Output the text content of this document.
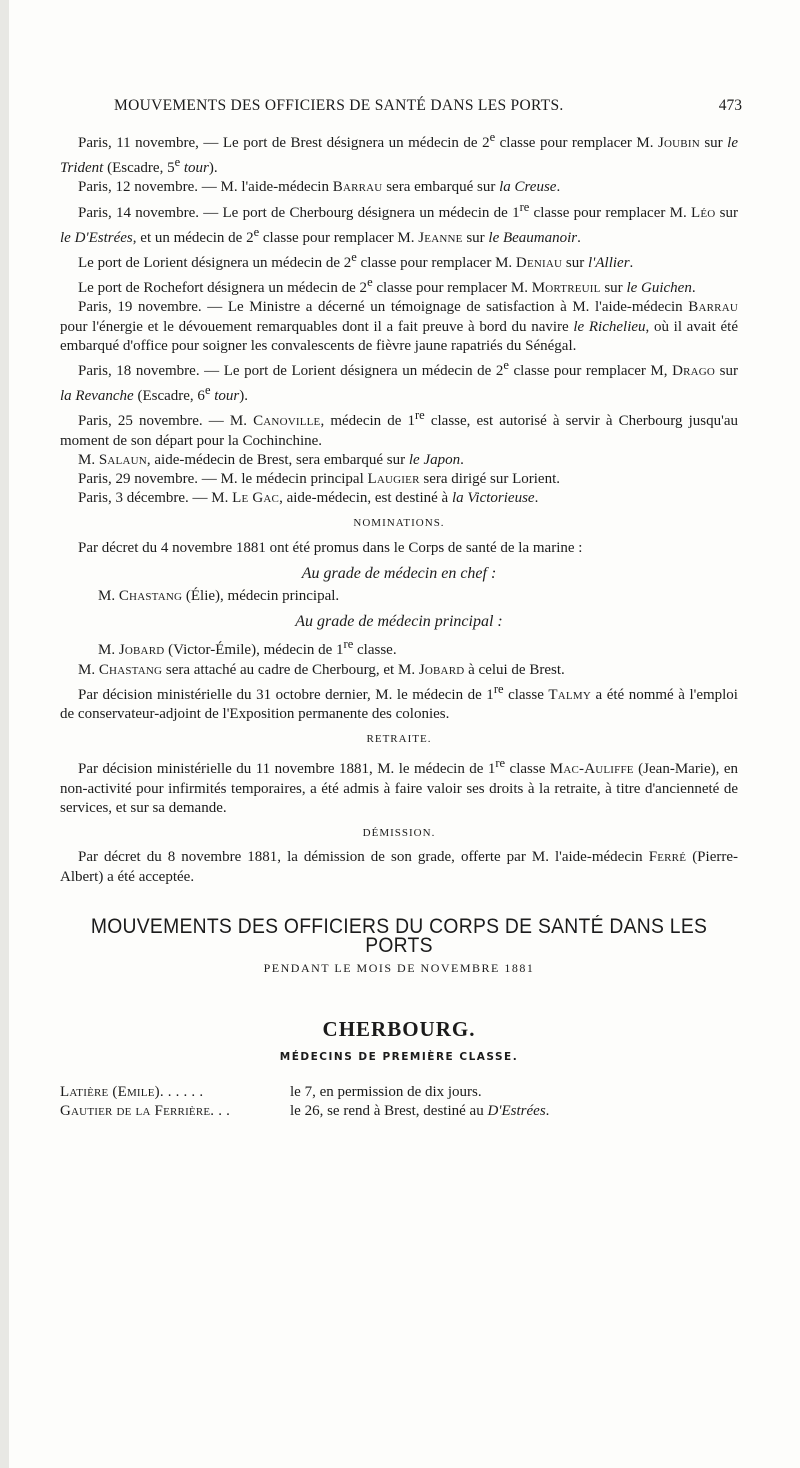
MOUVEMENTS DES OFFICIERS DE SANTÉ DANS LES PORTS.	473

Paris, 11 novembre, — Le port de Brest désignera un médecin de 2e classe pour remplacer M. Joubin sur le Trident (Escadre, 5e tour).

Paris, 12 novembre. — M. l'aide-médecin Barrau sera embarqué sur la Creuse.

Paris, 14 novembre. — Le port de Cherbourg désignera un médecin de 1re classe pour remplacer M. Léo sur le D'Estrées, et un médecin de 2e classe pour remplacer M. Jeanne sur le Beaumanoir.

Le port de Lorient désignera un médecin de 2e classe pour remplacer M. Deniau sur l'Allier.

Le port de Rochefort désignera un médecin de 2e classe pour remplacer M. Mortreuil sur le Guichen.

Paris, 19 novembre. — Le Ministre a décerné un témoignage de satisfaction à M. l'aide-médecin Barrau pour l'énergie et le dévouement remarquables dont il a fait preuve à bord du navire le Richelieu, où il avait été embarqué d'office pour soigner les convalescents de fièvre jaune rapatriés du Sénégal.

Paris, 18 novembre. — Le port de Lorient désignera un médecin de 2e classe pour remplacer M, Drago sur la Revanche (Escadre, 6e tour).

Paris, 25 novembre. — M. Canoville, médecin de 1re classe, est autorisé à servir à Cherbourg jusqu'au moment de son départ pour la Cochinchine.

M. Salaun, aide-médecin de Brest, sera embarqué sur le Japon.

Paris, 29 novembre. — M. le médecin principal Laugier sera dirigé sur Lorient.

Paris, 3 décembre. — M. Le Gac, aide-médecin, est destiné à la Victorieuse.

NOMINATIONS.

Par décret du 4 novembre 1881 ont été promus dans le Corps de santé de la marine :

Au grade de médecin en chef :

M. Chastang (Élie), médecin principal.

Au grade de médecin principal :

M. Jobard (Victor-Émile), médecin de 1re classe.

M. Chastang sera attaché au cadre de Cherbourg, et M. Jobard à celui de Brest.

Par décision ministérielle du 31 octobre dernier, M. le médecin de 1re classe Talmy a été nommé à l'emploi de conservateur-adjoint de l'Exposition permanente des colonies.

RETRAITE.

Par décision ministérielle du 11 novembre 1881, M. le médecin de 1re classe Mac-Auliffe (Jean-Marie), en non-activité pour infirmités temporaires, a été admis à faire valoir ses droits à la retraite, à titre d'ancienneté de services, et sur sa demande.

DÉMISSION.

Par décret du 8 novembre 1881, la démission de son grade, offerte par M. l'aide-médecin Ferré (Pierre-Albert) a été acceptée.

MOUVEMENTS DES OFFICIERS DU CORPS DE SANTÉ DANS LES PORTS
PENDANT LE MOIS DE NOVEMBRE 1881
CHERBOURG.
MÉDECINS DE PREMIÈRE CLASSE.
Latière (Emile). . . . . .	le 7, en permission de dix jours.
Gautier de la Ferrière. . .	le 26, se rend à Brest, destiné au D'Estrées.
